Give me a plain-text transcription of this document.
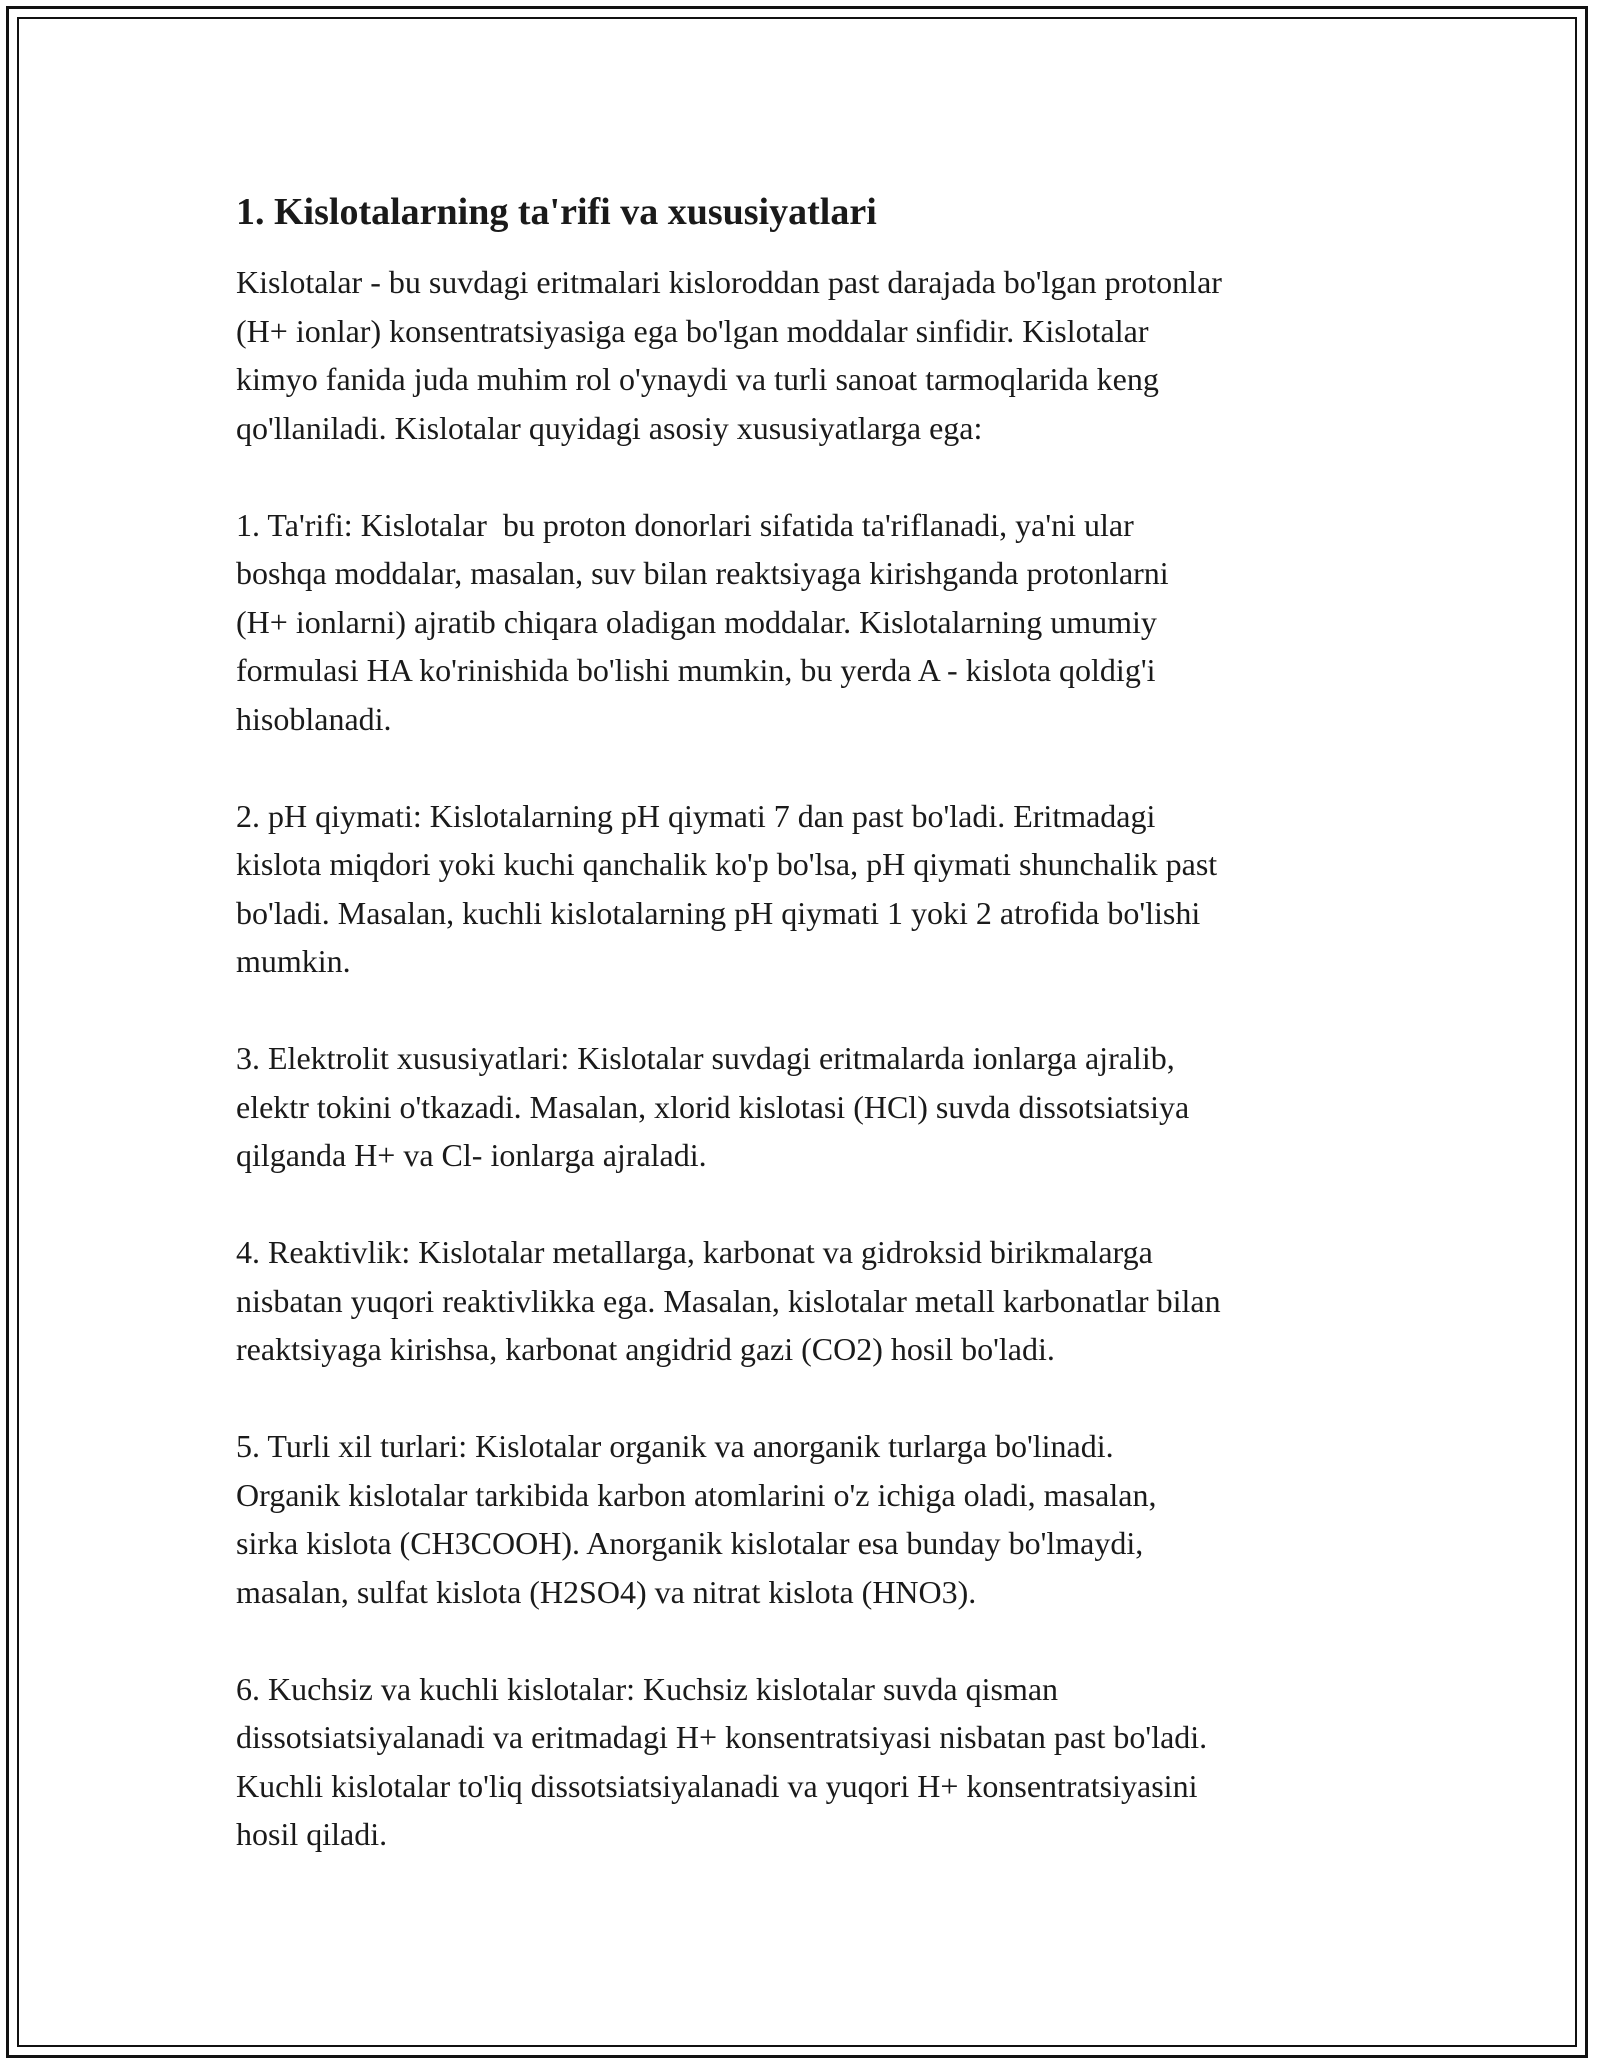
1. Kislotalarning ta'rifi va xususiyatlari
Kislotalar - bu suvdagi eritmalari kisloroddan past darajada bo'lgan protonlar
(H+ ionlar) konsentratsiyasiga ega bo'lgan moddalar sinfidir. Kislotalar
kimyo fanida juda muhim rol o'ynaydi va turli sanoat tarmoqlarida keng
qo'llaniladi. Kislotalar quyidagi asosiy xususiyatlarga ega:
1. Ta'rifi: Kislotalar  bu proton donorlari sifatida ta'riflanadi, ya'ni ular
boshqa moddalar, masalan, suv bilan reaktsiyaga kirishganda protonlarni
(H+ ionlarni) ajratib chiqara oladigan moddalar. Kislotalarning umumiy
formulasi HA ko'rinishida bo'lishi mumkin, bu yerda A - kislota qoldig'i
hisoblanadi.
2. pH qiymati: Kislotalarning pH qiymati 7 dan past bo'ladi. Eritmadagi
kislota miqdori yoki kuchi qanchalik ko'p bo'lsa, pH qiymati shunchalik past
bo'ladi. Masalan, kuchli kislotalarning pH qiymati 1 yoki 2 atrofida bo'lishi
mumkin.
3. Elektrolit xususiyatlari: Kislotalar suvdagi eritmalarda ionlarga ajralib,
elektr tokini o'tkazadi. Masalan, xlorid kislotasi (HCl) suvda dissotsiatsiya
qilganda H+ va Cl- ionlarga ajraladi.
4. Reaktivlik: Kislotalar metallarga, karbonat va gidroksid birikmalarga
nisbatan yuqori reaktivlikka ega. Masalan, kislotalar metall karbonatlar bilan
reaktsiyaga kirishsa, karbonat angidrid gazi (CO2) hosil bo'ladi.
5. Turli xil turlari: Kislotalar organik va anorganik turlarga bo'linadi.
Organik kislotalar tarkibida karbon atomlarini o'z ichiga oladi, masalan,
sirka kislota (CH3COOH). Anorganik kislotalar esa bunday bo'lmaydi,
masalan, sulfat kislota (H2SO4) va nitrat kislota (HNO3).
6. Kuchsiz va kuchli kislotalar: Kuchsiz kislotalar suvda qisman
dissotsiatsiyalanadi va eritmadagi H+ konsentratsiyasi nisbatan past bo'ladi.
Kuchli kislotalar to'liq dissotsiatsiyalanadi va yuqori H+ konsentratsiyasini
hosil qiladi.
